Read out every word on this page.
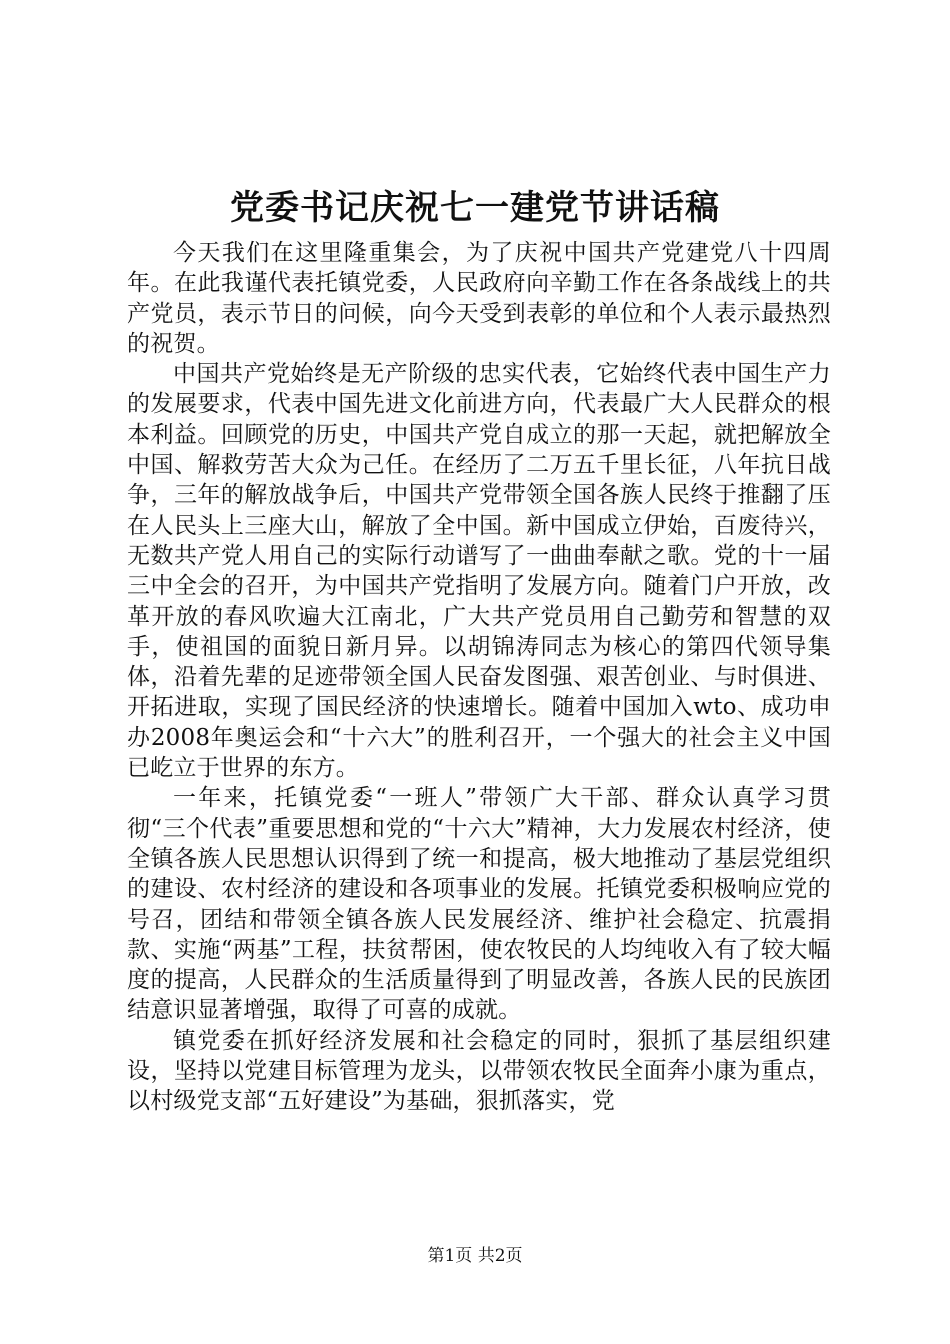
党委书记庆祝七一建党节讲话稿

今天我们在这里隆重集会，为了庆祝中国共产党建党八十四周年。在此我谨代表托镇党委，人民政府向辛勤工作在各条战线上的共产党员，表示节日的问候，向今天受到表彰的单位和个人表示最热烈的祝贺。

中国共产党始终是无产阶级的忠实代表，它始终代表中国生产力的发展要求，代表中国先进文化前进方向，代表最广大人民群众的根本利益。回顾党的历史，中国共产党自成立的那一天起，就把解放全中国、解救劳苦大众为己任。在经历了二万五千里长征，八年抗日战争，三年的解放战争后，中国共产党带领全国各族人民终于推翻了压在人民头上三座大山，解放了全中国。新中国成立伊始，百废待兴，无数共产党人用自己的实际行动谱写了一曲曲奉献之歌。党的十一届三中全会的召开，为中国共产党指明了发展方向。随着门户开放，改革开放的春风吹遍大江南北，广大共产党员用自己勤劳和智慧的双手，使祖国的面貌日新月异。以胡锦涛同志为核心的第四代领导集体，沿着先辈的足迹带领全国人民奋发图强、艰苦创业、与时俱进、开拓进取，实现了国民经济的快速增长。随着中国加入wto、成功申办2008年奥运会和“十六大”的胜利召开，一个强大的社会主义中国已屹立于世界的东方。

一年来，托镇党委“一班人”带领广大干部、群众认真学习贯彻“三个代表”重要思想和党的“十六大”精神，大力发展农村经济，使全镇各族人民思想认识得到了统一和提高，极大地推动了基层党组织的建设、农村经济的建设和各项事业的发展。托镇党委积极响应党的号召，团结和带领全镇各族人民发展经济、维护社会稳定、抗震捐款、实施“两基”工程，扶贫帮困，使农牧民的人均纯收入有了较大幅度的提高，人民群众的生活质量得到了明显改善，各族人民的民族团结意识显著增强，取得了可喜的成就。

镇党委在抓好经济发展和社会稳定的同时，狠抓了基层组织建设，坚持以党建目标管理为龙头，以带领农牧民全面奔小康为重点，以村级党支部“五好建设”为基础，狠抓落实，党

第1页 共2页
